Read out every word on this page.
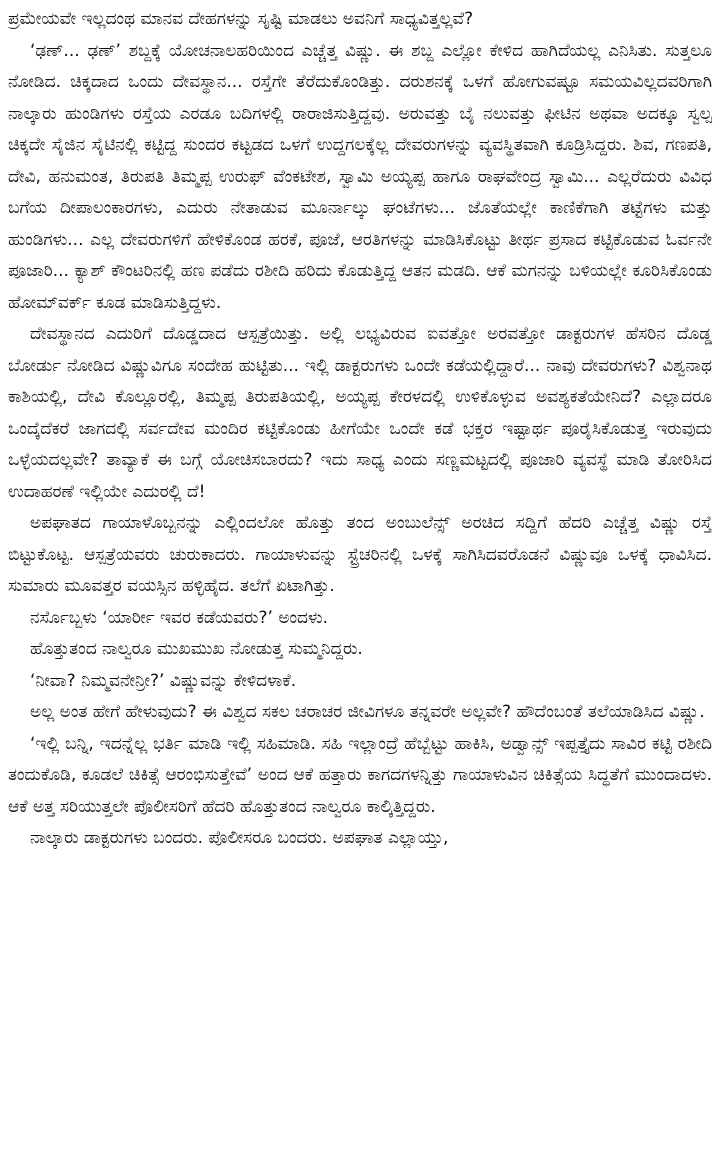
ಪ್ರಮೇಯವೇ ಇಲ್ಲದಂಥ ಮಾನವ ದೇಹಗಳನ್ನು ಸೃಷ್ಟಿ ಮಾಡಲು ಅವನಿಗೆ ಸಾಧ್ಯವಿತ್ತಲ್ಲವೆ?

‘ಢಣ್... ಢಣ್’ ಶಬ್ದಕ್ಕೆ ಯೋಚನಾಲಹರಿಯಿಂದ ಎಚ್ಚೆತ್ತ ವಿಷ್ಣು. ಈ ಶಬ್ದ ಎಲ್ಲೋ ಕೇಳಿದ ಹಾಗಿದೆಯಲ್ಲ ಎನಿಸಿತು. ಸುತ್ತಲೂ ನೋಡಿದ. ಚಿಕ್ಕದಾದ ಒಂದು ದೇವಸ್ಥಾನ... ರಸ್ತೆಗೇ ತೆರೆದುಕೊಂಡಿತ್ತು. ದರುಶನಕ್ಕೆ ಒಳಗೆ ಹೋಗುವಷ್ಟೂ ಸಮಯವಿಲ್ಲದವರಿಗಾಗಿ ನಾಲ್ಕಾರು ಹುಂಡಿಗಳು ರಸ್ತೆಯ ಎರಡೂ ಬದಿಗಳಲ್ಲಿ ರಾರಾಜಿಸುತ್ತಿದ್ದವು. ಅರುವತ್ತು ಬೈ ನಲುವತ್ತು ಫೀಟಿನ ಅಥವಾ ಅದಕ್ಕೂ ಸ್ವಲ್ಪ ಚಿಕ್ಕದೇ ಸೈಜಿನ ಸೈಟಿನಲ್ಲಿ ಕಟ್ಟಿದ್ದ ಸುಂದರ ಕಟ್ಟಡದ ಒಳಗೆ ಉದ್ದಗಲಕ್ಕೆಲ್ಲ ದೇವರುಗಳನ್ನು ವ್ಯವಸ್ಥಿತವಾಗಿ ಕೂಡ್ರಿಸಿದ್ದರು. ಶಿವ, ಗಣಪತಿ, ದೇವಿ, ಹನುಮಂತ, ತಿರುಪತಿ ತಿಮ್ಮಪ್ಪ ಉರುಫ್ ವೆಂಕಟೇಶ, ಸ್ವಾಮಿ ಅಯ್ಯಪ್ಪ ಹಾಗೂ ರಾಘವೇಂದ್ರ ಸ್ವಾಮಿ... ಎಲ್ಲರೆದುರು ವಿವಿಧ ಬಗೆಯ ದೀಪಾಲಂಕಾರಗಳು, ಎದುರು ನೇತಾಡುವ ಮೂರ್ನಾಲ್ಕು ಘಂಟೆಗಳು... ಜೊತೆಯಲ್ಲೇ ಕಾಣಿಕೆಗಾಗಿ ತಟ್ಟೆಗಳು ಮತ್ತು ಹುಂಡಿಗಳು... ಎಲ್ಲ ದೇವರುಗಳಿಗೆ ಹೇಳಿಕೊಂಡ ಹರಕೆ, ಪೂಜೆ, ಆರತಿಗಳನ್ನು ಮಾಡಿಸಿಕೊಟ್ಟು ತೀರ್ಥ ಪ್ರಸಾದ ಕಟ್ಟಿಕೊಡುವ ಓರ್ವನೇ ಪೂಜಾರಿ... ಕ್ಯಾಶ್ ಕೌಂಟರಿನಲ್ಲಿ ಹಣ ಪಡೆದು ರಶೀದಿ ಹರಿದು ಕೊಡುತ್ತಿದ್ದ ಆತನ ಮಡದಿ. ಆಕೆ ಮಗನನ್ನು ಬಳಿಯಲ್ಲೇ ಕೂರಿಸಿಕೊಂಡು ಹೋಮ್‌ವರ್ಕ್ ಕೂಡ ಮಾಡಿಸುತ್ತಿದ್ದಳು.

ದೇವಸ್ಥಾನದ ಎದುರಿಗೆ ದೊಡ್ಡದಾದ ಆಸ್ಪತ್ರೆಯಿತ್ತು. ಅಲ್ಲಿ ಲಭ್ಯವಿರುವ ಐವತ್ತೋ ಅರವತ್ತೋ ಡಾಕ್ಟರುಗಳ ಹೆಸರಿನ ದೊಡ್ಡ ಬೋರ್ಡು ನೋಡಿದ ವಿಷ್ಣುವಿಗೂ ಸಂದೇಹ ಹುಟ್ಟಿತು... ಇಲ್ಲಿ ಡಾಕ್ಟರುಗಳು ಒಂದೇ ಕಡೆಯಲ್ಲಿದ್ದಾರೆ... ನಾವು ದೇವರುಗಳು? ವಿಶ್ವನಾಥ ಕಾಶಿಯಲ್ಲಿ, ದೇವಿ ಕೊಲ್ಲೂರಲ್ಲಿ, ತಿಮ್ಮಪ್ಪ ತಿರುಪತಿಯಲ್ಲಿ, ಅಯ್ಯಪ್ಪ ಕೇರಳದಲ್ಲಿ ಉಳಿಕೊಳ್ಳುವ ಅವಶ್ಯಕತೆಯೇನಿದೆ? ಎಲ್ಲಾದರೂ ಒಂದ್ಕೆದೆಕರೆ ಜಾಗದಲ್ಲಿ ಸರ್ವದೇವ ಮಂದಿರ ಕಟ್ಟಿಕೊಂಡು ಹೀಗೆಯೇ ಒಂದೇ ಕಡೆ ಭಕ್ತರ ಇಷ್ಟಾರ್ಥ ಪೂರೈಸಿಕೊಡುತ್ತ ಇರುವುದು ಒಳ್ಳೆಯದಲ್ಲವೇ? ತಾವ್ಯಾಕೆ ಈ ಬಗ್ಗೆ ಯೋಚಿಸಬಾರದು? ಇದು ಸಾಧ್ಯ ಎಂದು ಸಣ್ಣಮಟ್ಟದಲ್ಲಿ ಪೂಜಾರಿ ವ್ಯವಸ್ಥೆ ಮಾಡಿ ತೋರಿಸಿದ ಉದಾಹರಣೆ ಇಲ್ಲಿಯೇ ಎದುರಲ್ಲಿ ದೆ!

ಅಪಘಾತದ ಗಾಯಾಳೊಬ್ಬನನ್ನು ಎಲ್ಲಿಂದಲೋ ಹೊತ್ತು ತಂದ ಅಂಬುಲೆನ್ಸ್ ಅರಚಿದ ಸದ್ದಿಗೆ ಹೆದರಿ ಎಚ್ಚೆತ್ತ ವಿಷ್ಣು ರಸ್ತೆ ಬಿಟ್ಟುಕೊಟ್ಟ. ಆಸ್ಪತ್ರೆಯವರು ಚುರುಕಾದರು. ಗಾಯಾಳುವನ್ನು ಸ್ಟ್ರೆಚರಿನಲ್ಲಿ ಒಳಕ್ಕೆ ಸಾಗಿಸಿದವರೊಡನೆ ವಿಷ್ಣುವೂ ಒಳಕ್ಕೆ ಧಾವಿಸಿದ. ಸುಮಾರು ಮೂವತ್ತರ ವಯಸ್ಸಿನ ಹಳ್ಳಿಹೈದ. ತಲೆಗೆ ಏಟಾಗಿತ್ತು.

ನರ್ಸೊಬ್ಬಳು ‘ಯಾರ್ರೀ ಇವರ ಕಡೆಯವರು?’ ಅಂದಳು.

ಹೊತ್ತುತಂದ ನಾಲ್ವರೂ ಮುಖಮುಖ ನೋಡುತ್ತ ಸುಮ್ಮನಿದ್ದರು.

‘ನೀವಾ? ನಿಮ್ಮವನೇನ್ರೀ?’ ವಿಷ್ಣುವನ್ನು ಕೇಳಿದಳಾಕೆ.

ಅಲ್ಲ ಅಂತ ಹೇಗೆ ಹೇಳುವುದು? ಈ ವಿಶ್ವದ ಸಕಲ ಚರಾಚರ ಜೀವಿಗಳೂ ತನ್ನವರೇ ಅಲ್ಲವೇ? ಹೌದೆಂಬಂತೆ ತಲೆಯಾಡಿಸಿದ ವಿಷ್ಣು.

‘ಇಲ್ಲಿ ಬನ್ನಿ, ಇದನ್ನೆಲ್ಲ ಭರ್ತಿ ಮಾಡಿ ಇಲ್ಲಿ ಸಹಿಮಾಡಿ. ಸಹಿ ಇಲ್ಲಾಂದ್ರೆ ಹೆಬ್ಬೆಟ್ಟು ಹಾಕಿಸಿ, ಅಡ್ವಾನ್ಸ್ ಇಪ್ಪತ್ತೈದು ಸಾವಿರ ಕಟ್ಟಿ ರಶೀದಿ ತಂದುಕೊಡಿ, ಕೂಡಲೆ ಚಿಕಿತ್ಸೆ ಆರಂಭಿಸುತ್ತೇವೆ’ ಅಂದ ಆಕೆ ಹತ್ತಾರು ಕಾಗದಗಳನ್ನಿತ್ತು ಗಾಯಾಳುವಿನ ಚಿಕಿತ್ಸೆಯ ಸಿದ್ಧತೆಗೆ ಮುಂದಾದಳು. ಆಕೆ ಅತ್ತ ಸರಿಯುತ್ತಲೇ ಪೊಲೀಸರಿಗೆ ಹೆದರಿ ಹೊತ್ತುತಂದ ನಾಲ್ವರೂ ಕಾಲ್ಕಿತ್ತಿದ್ದರು.

ನಾಲ್ಕಾರು ಡಾಕ್ಟರುಗಳು ಬಂದರು. ಪೊಲೀಸರೂ ಬಂದರು. ಅಪಘಾತ ಎಲ್ಲಾಯ್ತು,
